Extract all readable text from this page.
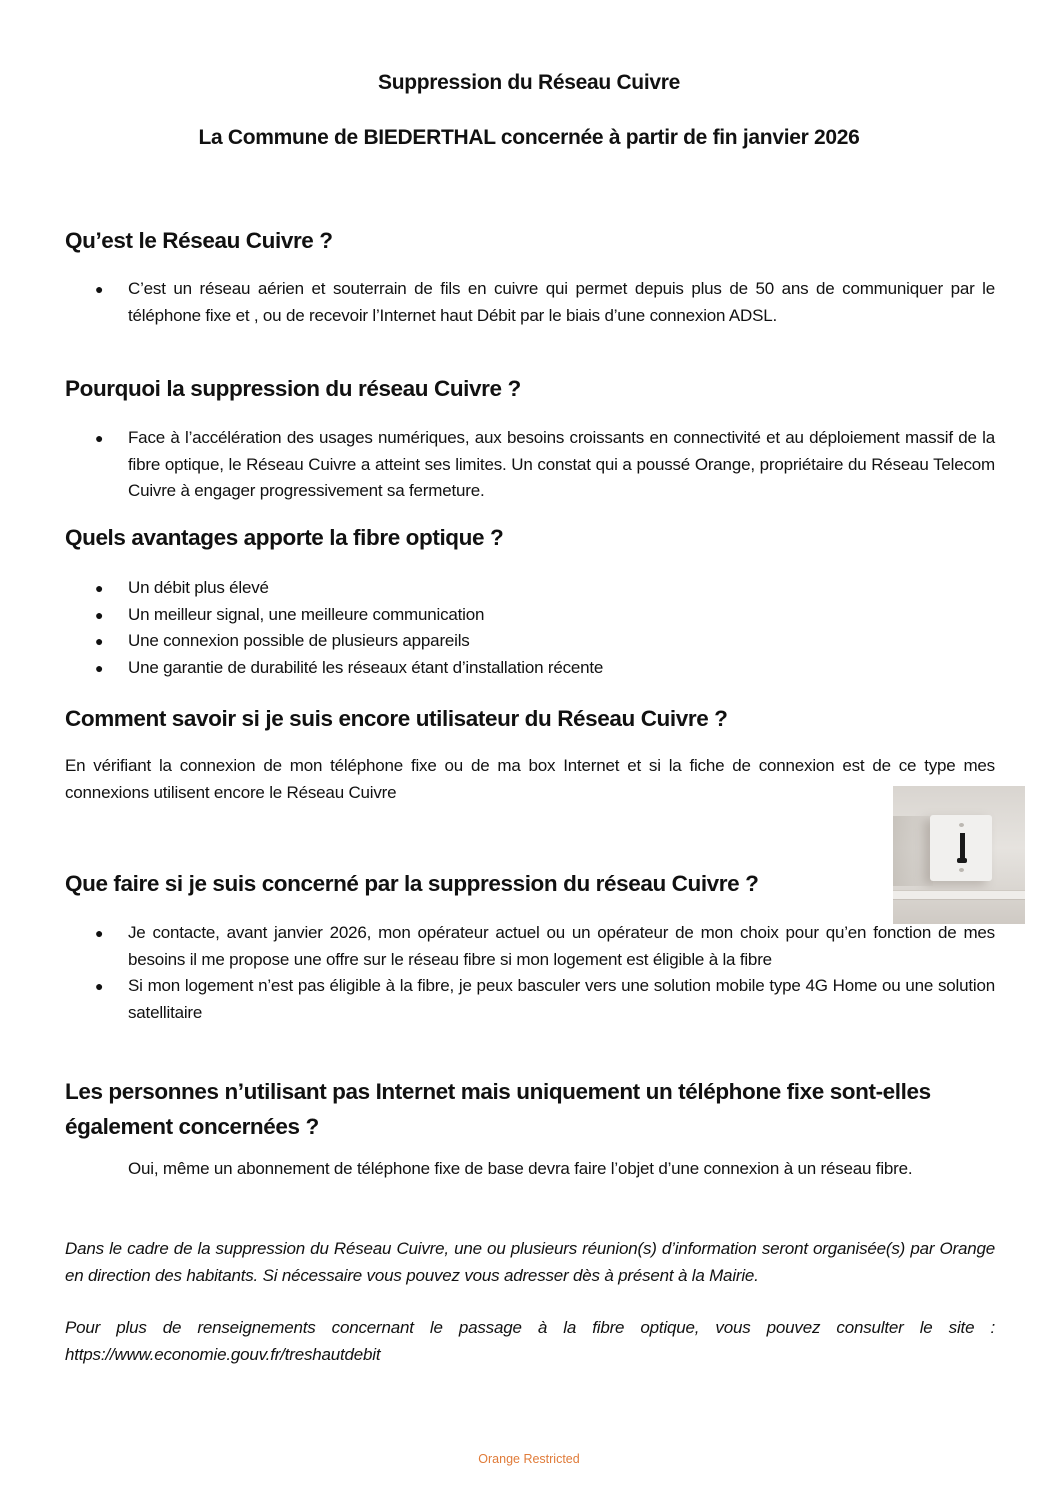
Suppression du Réseau Cuivre
La Commune de BIEDERTHAL concernée à partir de fin janvier 2026
Qu’est le Réseau Cuivre ?
● C’est un réseau aérien et souterrain de fils en cuivre qui permet depuis plus de 50 ans de communiquer par le téléphone fixe et , ou de recevoir l’Internet haut Débit par le biais d’une connexion ADSL.
Pourquoi la suppression du réseau Cuivre ?
● Face à l’accélération des usages numériques, aux besoins croissants en connectivité et au déploiement massif de la fibre optique, le Réseau Cuivre a atteint ses limites. Un constat qui a poussé Orange, propriétaire du Réseau Telecom Cuivre à engager progressivement sa fermeture.
Quels avantages apporte la fibre optique ?
● Un débit plus élevé
● Un meilleur signal, une meilleure communication
● Une connexion possible de plusieurs appareils
● Une garantie de durabilité les réseaux étant d’installation récente
Comment savoir si je suis encore utilisateur du Réseau Cuivre ?
En vérifiant la connexion de mon téléphone fixe ou de ma box Internet et si la fiche de connexion est de ce type mes connexions utilisent encore le Réseau Cuivre
Que faire si je suis concerné par la suppression du réseau Cuivre ?
● Je contacte, avant janvier 2026, mon opérateur actuel ou un opérateur de mon choix pour qu’en fonction de mes besoins il me propose une offre sur le réseau fibre si mon logement est éligible à la fibre
● Si mon logement n’est pas éligible à la fibre, je peux basculer vers une solution mobile type 4G Home ou une solution satellitaire
Les personnes n’utilisant pas Internet mais uniquement un téléphone fixe sont-elles également concernées ?
Oui, même un abonnement de téléphone fixe de base devra faire l’objet d’une connexion à un réseau fibre.
Dans le cadre de la suppression du Réseau Cuivre, une ou plusieurs réunion(s) d’information seront organisée(s) par Orange en direction des habitants. Si nécessaire vous pouvez vous adresser dès à présent à la Mairie.
Pour plus de renseignements concernant le passage à la fibre optique, vous pouvez consulter le site :
https://www.economie.gouv.fr/treshautdebit
Orange Restricted
